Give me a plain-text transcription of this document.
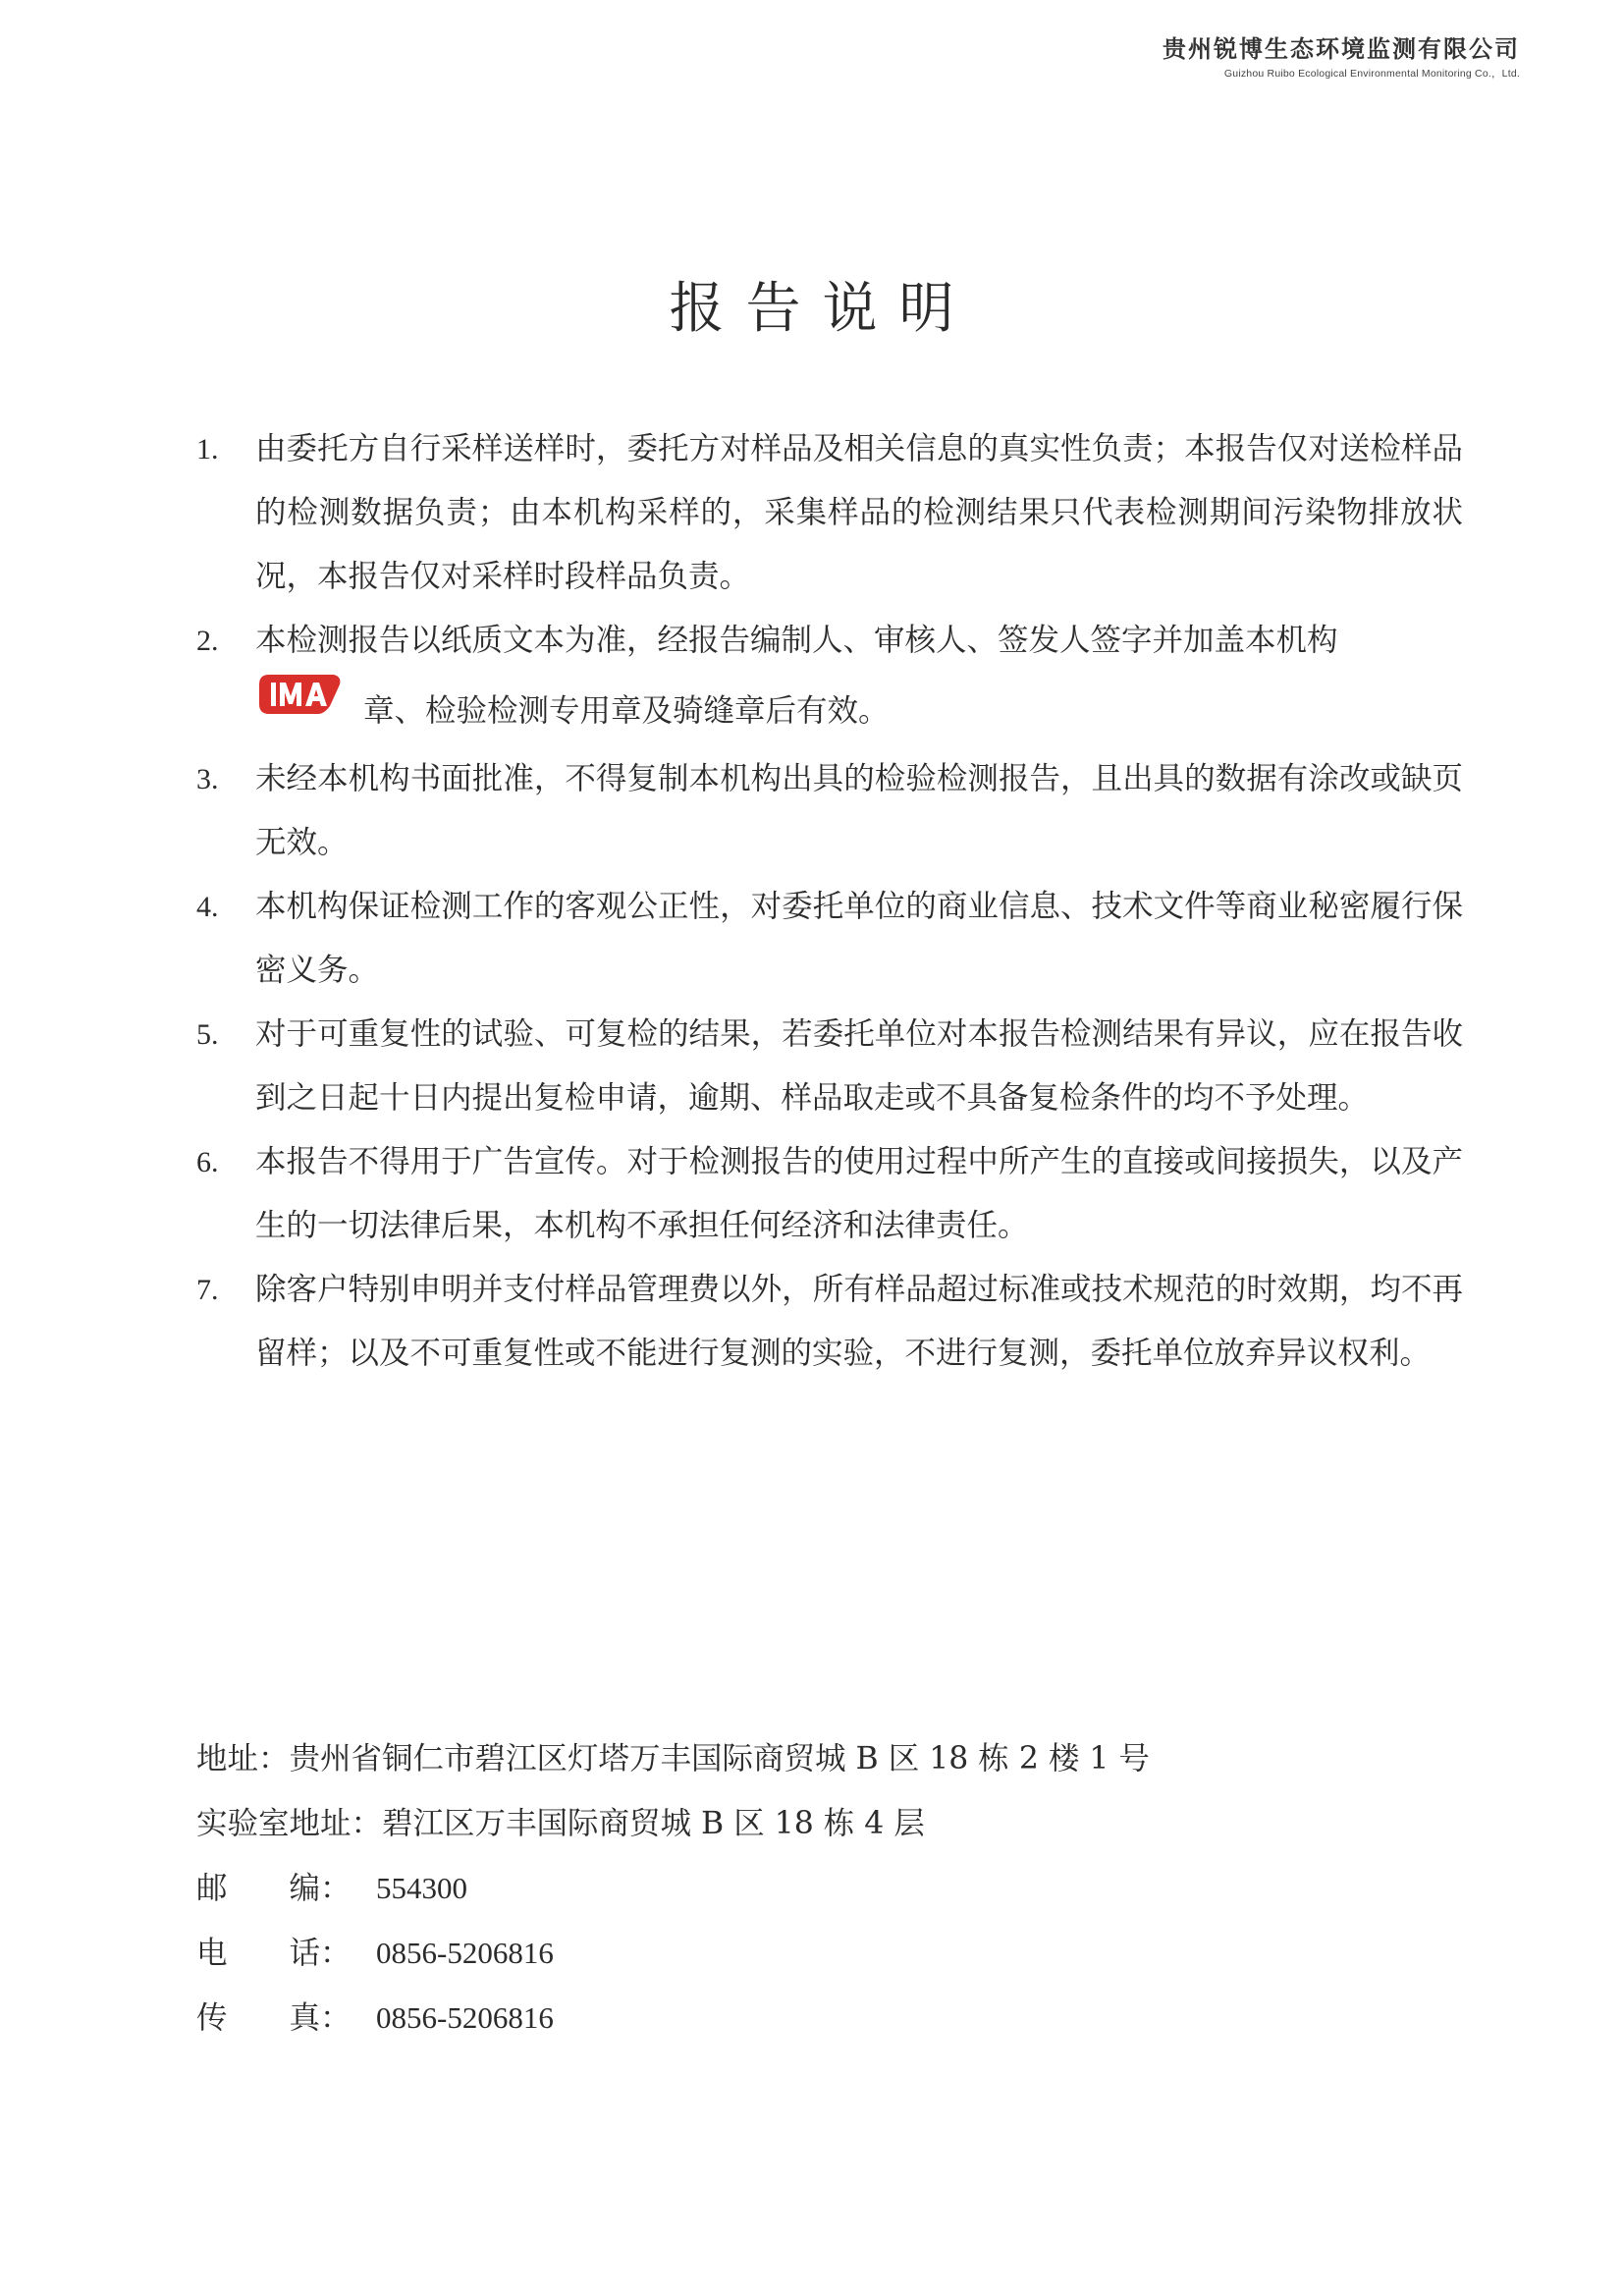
贵州锐博生态环境监测有限公司
Guizhou Ruibo Ecological Environmental Monitoring Co.，Ltd.
报告说明
1. 由委托方自行采样送样时，委托方对样品及相关信息的真实性负责；本报告仅对送检样品的检测数据负责；由本机构采样的，采集样品的检测结果只代表检测期间污染物排放状况，本报告仅对采样时段样品负责。
2. 本检测报告以纸质文本为准，经报告编制人、审核人、签发人签字并加盖本机构
章、检验检测专用章及骑缝章后有效。
3. 未经本机构书面批准，不得复制本机构出具的检验检测报告，且出具的数据有涂改或缺页无效。
4. 本机构保证检测工作的客观公正性，对委托单位的商业信息、技术文件等商业秘密履行保密义务。
5. 对于可重复性的试验、可复检的结果，若委托单位对本报告检测结果有异议，应在报告收到之日起十日内提出复检申请，逾期、样品取走或不具备复检条件的均不予处理。
6. 本报告不得用于广告宣传。对于检测报告的使用过程中所产生的直接或间接损失，以及产生的一切法律后果，本机构不承担任何经济和法律责任。
7. 除客户特别申明并支付样品管理费以外，所有样品超过标准或技术规范的时效期，均不再留样；以及不可重复性或不能进行复测的实验，不进行复测，委托单位放弃异议权利。
地址： 贵州省铜仁市碧江区灯塔万丰国际商贸城 B 区 18 栋 2 楼 1 号
实验室地址： 碧江区万丰国际商贸城 B 区 18 栋 4 层
邮　　编： 554300
电　　话： 0856-5206816
传　　真： 0856-5206816
